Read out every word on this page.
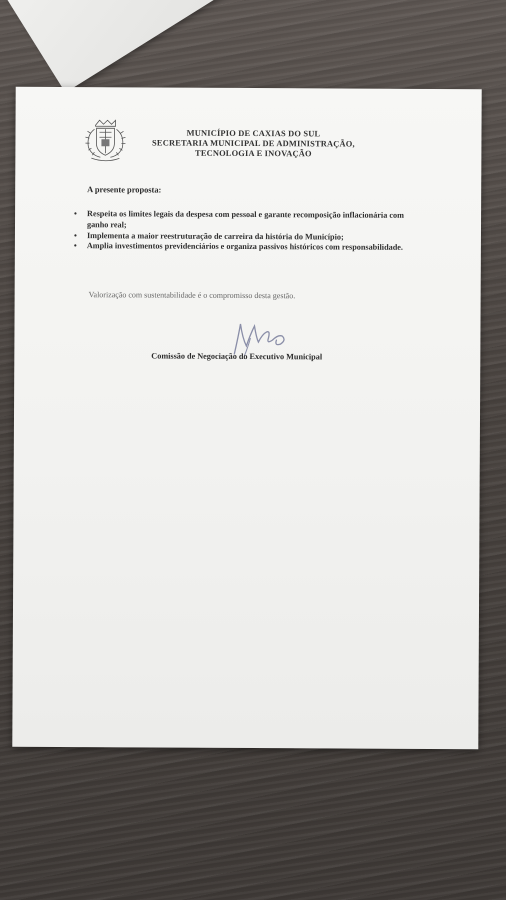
MUNICÍPIO DE CAXIAS DO SUL
SECRETARIA MUNICIPAL DE ADMINISTRAÇÃO,
TECNOLOGIA E INOVAÇÃO
A presente proposta:
• Respeita os limites legais da despesa com pessoal e garante recomposição inflacionária com ganho real;
• Implementa a maior reestruturação de carreira da história do Município;
• Amplia investimentos previdenciários e organiza passivos históricos com responsabilidade.
Valorização com sustentabilidade é o compromisso desta gestão.
Comissão de Negociação do Executivo Municipal
